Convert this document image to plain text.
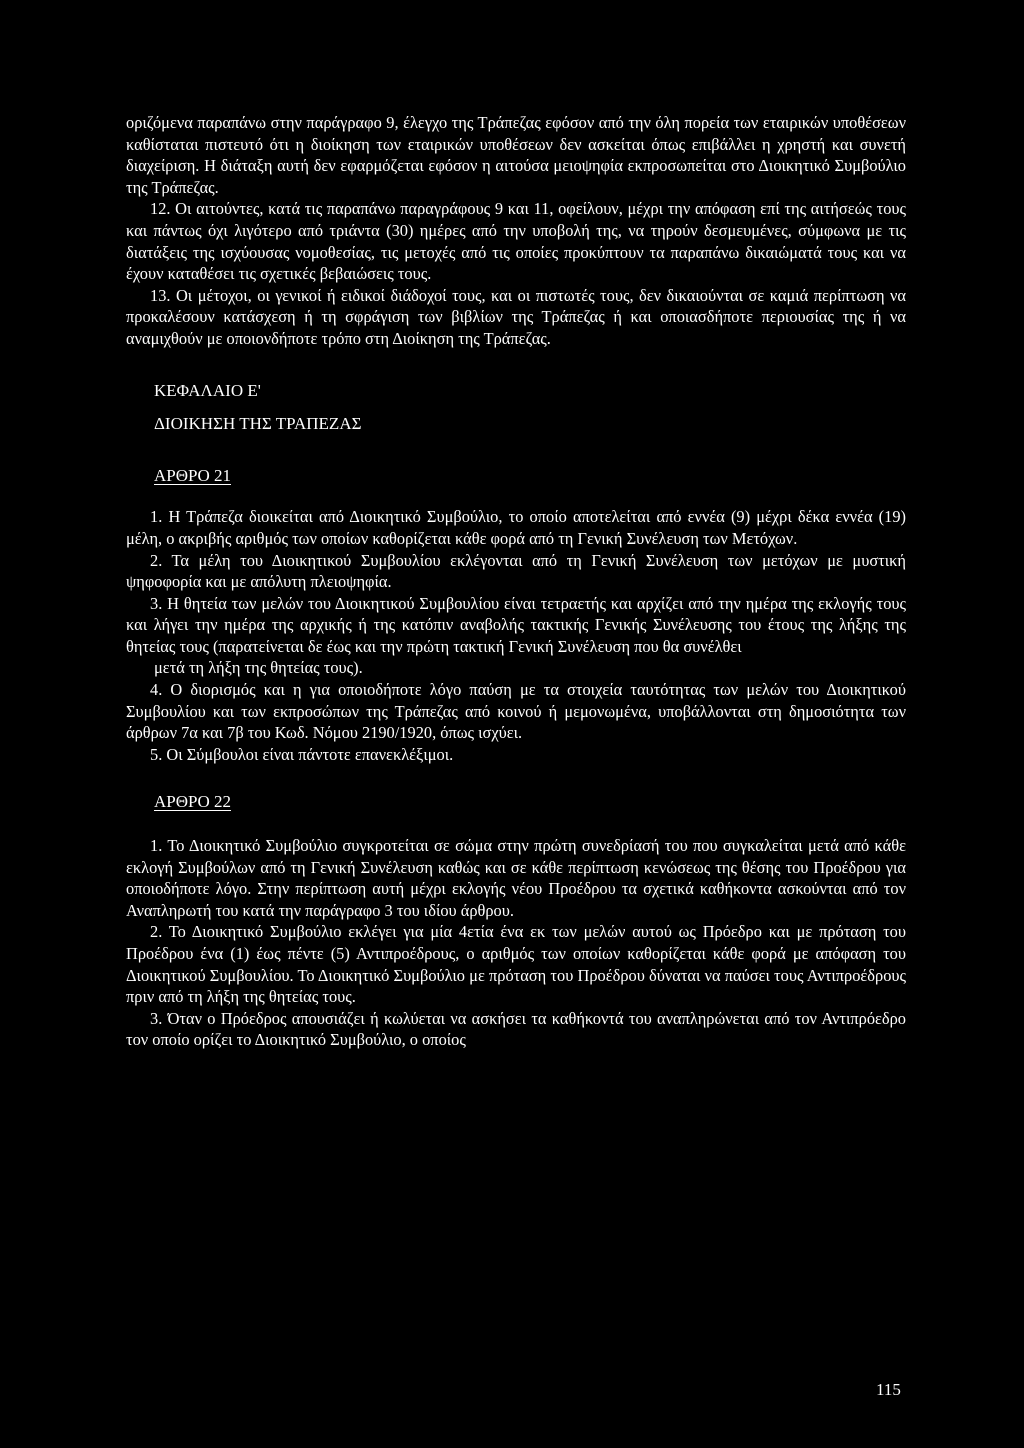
οριζόμενα παραπάνω στην παράγραφο 9, έλεγχο της Τράπεζας εφόσον από την όλη πορεία των εταιρικών υποθέσεων καθίσταται πιστευτό ότι η διοίκηση των εταιρικών υποθέσεων δεν ασκείται όπως επιβάλλει η χρηστή και συνετή διαχείριση. Η διάταξη αυτή δεν εφαρμόζεται εφόσον η αιτούσα μειοψηφία εκπροσωπείται στο Διοικητικό Συμβούλιο της Τράπεζας.

12. Οι αιτούντες, κατά τις παραπάνω παραγράφους 9 και 11, οφείλουν, μέχρι την απόφαση επί της αιτήσεώς τους και πάντως όχι λιγότερο από τριάντα (30) ημέρες από την υποβολή της, να τηρούν δεσμευμένες, σύμφωνα με τις διατάξεις της ισχύουσας νομοθεσίας, τις μετοχές από τις οποίες προκύπτουν τα παραπάνω δικαιώματά τους και να έχουν καταθέσει τις σχετικές βεβαιώσεις τους.

13. Οι μέτοχοι, οι γενικοί ή ειδικοί διάδοχοί τους, και οι πιστωτές τους, δεν δικαιούνται σε καμιά περίπτωση να προκαλέσουν κατάσχεση ή τη σφράγιση των βιβλίων της Τράπεζας ή και οποιασδήποτε περιουσίας της ή να αναμιχθούν με οποιονδήποτε τρόπο στη Διοίκηση της Τράπεζας.

ΚΕΦΑΛΑΙΟ Ε'
ΔΙΟΙΚΗΣΗ ΤΗΣ ΤΡΑΠΕΖΑΣ
ΑΡΘΡΟ 21

1. Η Τράπεζα διοικείται από Διοικητικό Συμβούλιο, το οποίο αποτελείται από εννέα (9) μέχρι δέκα εννέα (19) μέλη, ο ακριβής αριθμός των οποίων καθορίζεται κάθε φορά από τη Γενική Συνέλευση των Μετόχων.

2. Τα μέλη του Διοικητικού Συμβουλίου εκλέγονται από τη Γενική Συνέλευση των μετόχων με μυστική ψηφοφορία και με απόλυτη πλειοψηφία.

3. Η θητεία των μελών του Διοικητικού Συμβουλίου είναι τετραετής και αρχίζει από την ημέρα της εκλογής τους και λήγει την ημέρα της αρχικής ή της κατόπιν αναβολής τακτικής Γενικής Συνέλευσης του έτους της λήξης της θητείας τους (παρατείνεται δε έως και την πρώτη τακτική Γενική Συνέλευση που θα συνέλθει

μετά τη λήξη της θητείας τους).

4. Ο διορισμός και η για οποιοδήποτε λόγο παύση με τα στοιχεία ταυτότητας των μελών του Διοικητικού Συμβουλίου και των εκπροσώπων της Τράπεζας από κοινού ή μεμονωμένα, υποβάλλονται στη δημοσιότητα των άρθρων 7α και 7β του Κωδ. Νόμου 2190/1920, όπως ισχύει.

5. Οι Σύμβουλοι είναι πάντοτε επανεκλέξιμοι.

ΑΡΘΡΟ 22

1. Το Διοικητικό Συμβούλιο συγκροτείται σε σώμα στην πρώτη συνεδρίασή του που συγκαλείται μετά από κάθε εκλογή Συμβούλων από τη Γενική Συνέλευση καθώς και σε κάθε περίπτωση κενώσεως της θέσης του Προέδρου για οποιοδήποτε λόγο. Στην περίπτωση αυτή μέχρι εκλογής νέου Προέδρου τα σχετικά καθήκοντα ασκούνται από τον Αναπληρωτή του κατά την παράγραφο 3 του ιδίου άρθρου.

2. Το Διοικητικό Συμβούλιο εκλέγει για μία 4ετία ένα εκ των μελών αυτού ως Πρόεδρο και με πρόταση του Προέδρου ένα (1) έως πέντε (5) Αντιπροέδρους, ο αριθμός των οποίων καθορίζεται κάθε φορά με απόφαση του Διοικητικού Συμβουλίου. Το Διοικητικό Συμβούλιο με πρόταση του Προέδρου δύναται να παύσει τους Αντιπροέδρους πριν από τη λήξη της θητείας τους.

3. Όταν ο Πρόεδρος απουσιάζει ή κωλύεται να ασκήσει τα καθήκοντά του αναπληρώνεται από τον Αντιπρόεδρο τον οποίο ορίζει το Διοικητικό Συμβούλιο, ο οποίος

115
